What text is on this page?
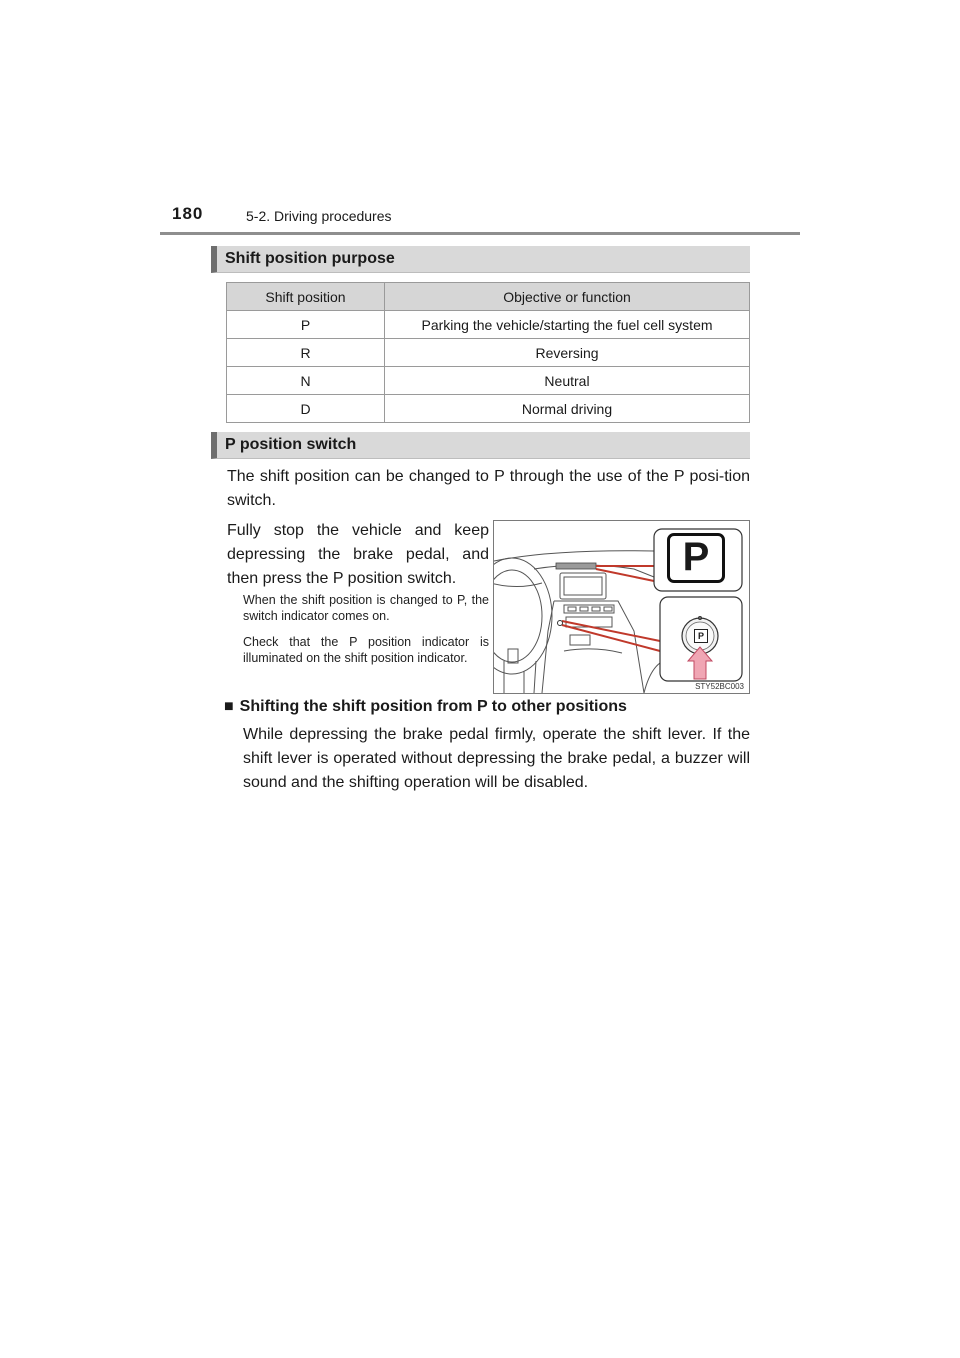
180	5-2. Driving procedures
Shift position purpose
Shift position	Objective or function
P	Parking the vehicle/starting the fuel cell system
R	Reversing
N	Neutral
D	Normal driving
P position switch
The shift position can be changed to P through the use of the P posi-tion switch.
Fully stop the vehicle and keep depressing the brake pedal, and then press the P position switch.
When the shift position is changed to P, the switch indicator comes on.
Check that the P position indicator is illuminated on the shift position indicator.
P
P
STY52BC003
■ Shifting the shift position from P to other positions
While depressing the brake pedal firmly, operate the shift lever. If the shift lever is operated without depressing the brake pedal, a buzzer will sound and the shifting operation will be disabled.
